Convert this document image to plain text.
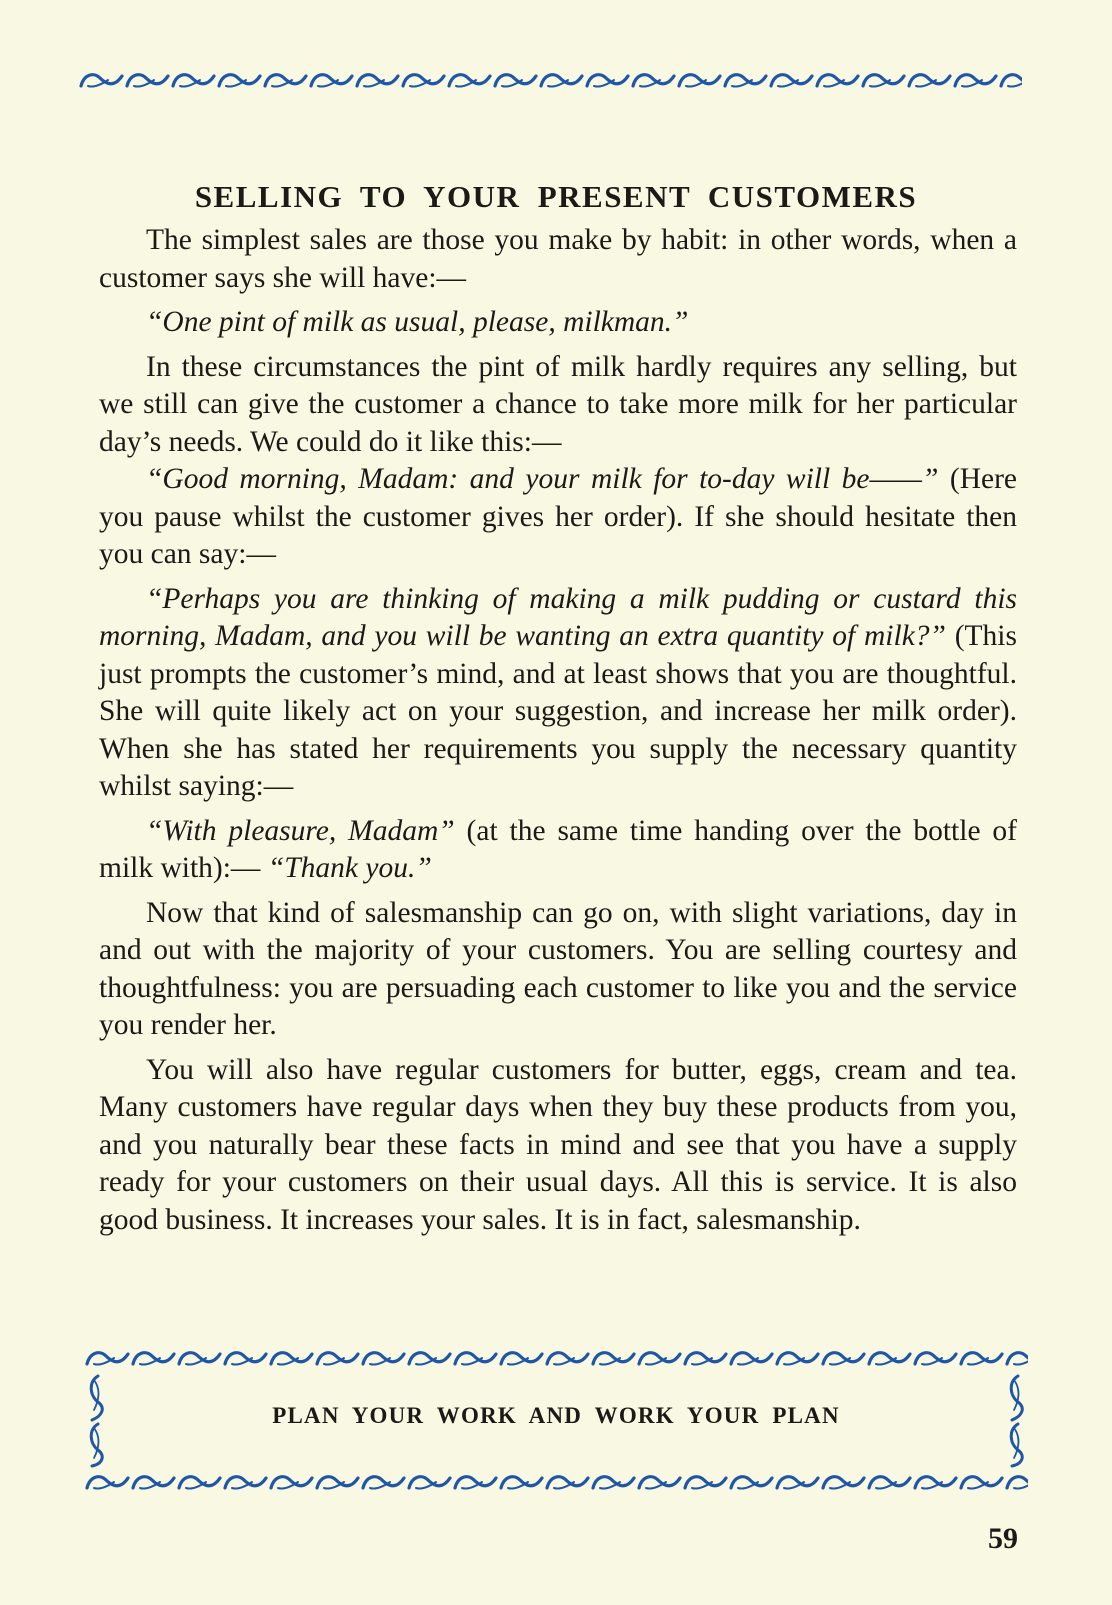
SELLING TO YOUR PRESENT CUSTOMERS

The simplest sales are those you make by habit: in other words, when a customer says she will have:—

“One pint of milk as usual, please, milkman.”

In these circumstances the pint of milk hardly requires any selling, but we still can give the customer a chance to take more milk for her particular day’s needs. We could do it like this:—

“Good morning, Madam: and your milk for to-day will be——” (Here you pause whilst the customer gives her order). If she should hesitate then you can say:—

“Perhaps you are thinking of making a milk pudding or custard this morning, Madam, and you will be wanting an extra quantity of milk?” (This just prompts the customer’s mind, and at least shows that you are thoughtful. She will quite likely act on your suggestion, and increase her milk order). When she has stated her requirements you supply the necessary quantity whilst saying:—

“With pleasure, Madam” (at the same time handing over the bottle of milk with):— “Thank you.”

Now that kind of salesmanship can go on, with slight variations, day in and out with the majority of your customers. You are selling courtesy and thoughtfulness: you are persuading each customer to like you and the service you render her.

You will also have regular customers for butter, eggs, cream and tea. Many customers have regular days when they buy these products from you, and you naturally bear these facts in mind and see that you have a supply ready for your customers on their usual days. All this is service. It is also good business. It increases your sales. It is in fact, salesmanship.

PLAN YOUR WORK AND WORK YOUR PLAN
59
